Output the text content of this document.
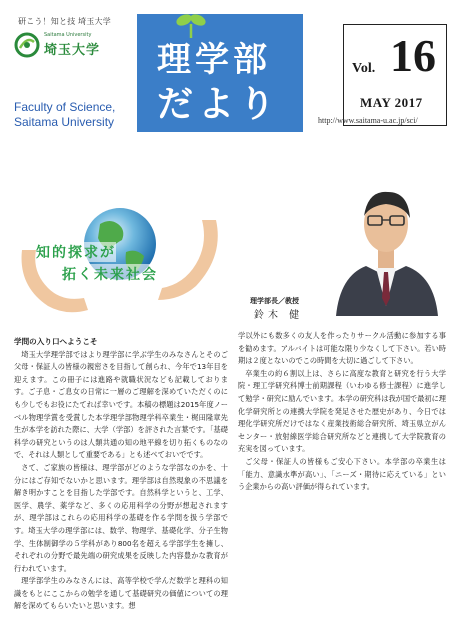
研こう！知と技 埼玉大学
Saitama University
埼玉大学
Faculty of Science,
Saitama University
理学部
だより
Vol. 16
MAY 2017
http://www.saitama-u.ac.jp/sci/
知的探求が
拓く未来社会
理学部長／教授
鈴木 健
学問の入り口へようこそ

埼玉大学理学部ではより理学部に学ぶ学生のみなさんとそのご父母・保証人の皆様の親密さを目指して創られ、今年で13年目を迎えます。この冊子には進路や就職状況なども記載しております。ご子息・ご息女の日常に一層のご理解を深めていただくのにも少しでもお役にたてれば幸いです。本稿の標題は2015年度ノーベル物理学賞を受賞した本学理学部物理学科卒業生・梶田隆章先生が本学を訪れた際に、大学（学部）を評された言葉です。「基礎科学の研究というのは人類共通の知の地平線を切り拓くものなので、それは人類として重要である」とも述べておいでです。

さて、ご家族の皆様は、理学部がどのような学部なのかを、十分にはご存知でないかと思います。理学部は自然現象の不思議を解き明かすことを目指した学部です。自然科学というと、工学、医学、農学、薬学など、多くの応用科学の分野が想起されますが、理学部はこれらの応用科学の基礎を作る学問を扱う学部です。埼玉大学の理学部には、数学、物理学、基礎化学、分子生物学、生体制御学の５学科があり800名を超える学部学生を擁し、それぞれの分野で最先端の研究成果を反映した内容豊かな教育が行われています。

理学部学生のみなさんには、高等学校で学んだ数学と理科の知識をもとにここからの勉学を通して基礎研究の価値についての理解を深めてもらいたいと思います。想

学以外にも数多くの友人を作ったりサークル活動に参加する事を勧めます。アルバイトは可能な限り少なくして下さい。若い時期は２度とないのでこの時間を大切に過ごして下さい。

卒業生の約６割以上は、さらに高度な教育と研究を行う大学院・理工学研究科博士前期課程（いわゆる修士課程）に進学して勉学・研究に励んでいます。本学の研究科は我が国で最初に理化学研究所との連携大学院を発足させた歴史があり、今日では理化学研究所だけではなく産業技術総合研究所、埼玉県立がんセンター・放射線医学総合研究所などと連携して大学院教育の充実を図っています。

ご父母・保証人の皆様もご安心下さい。本学部の卒業生は「能力、意識水準が高い」、「ニーズ・期待に応えている」という企業からの高い評価が得られています。
